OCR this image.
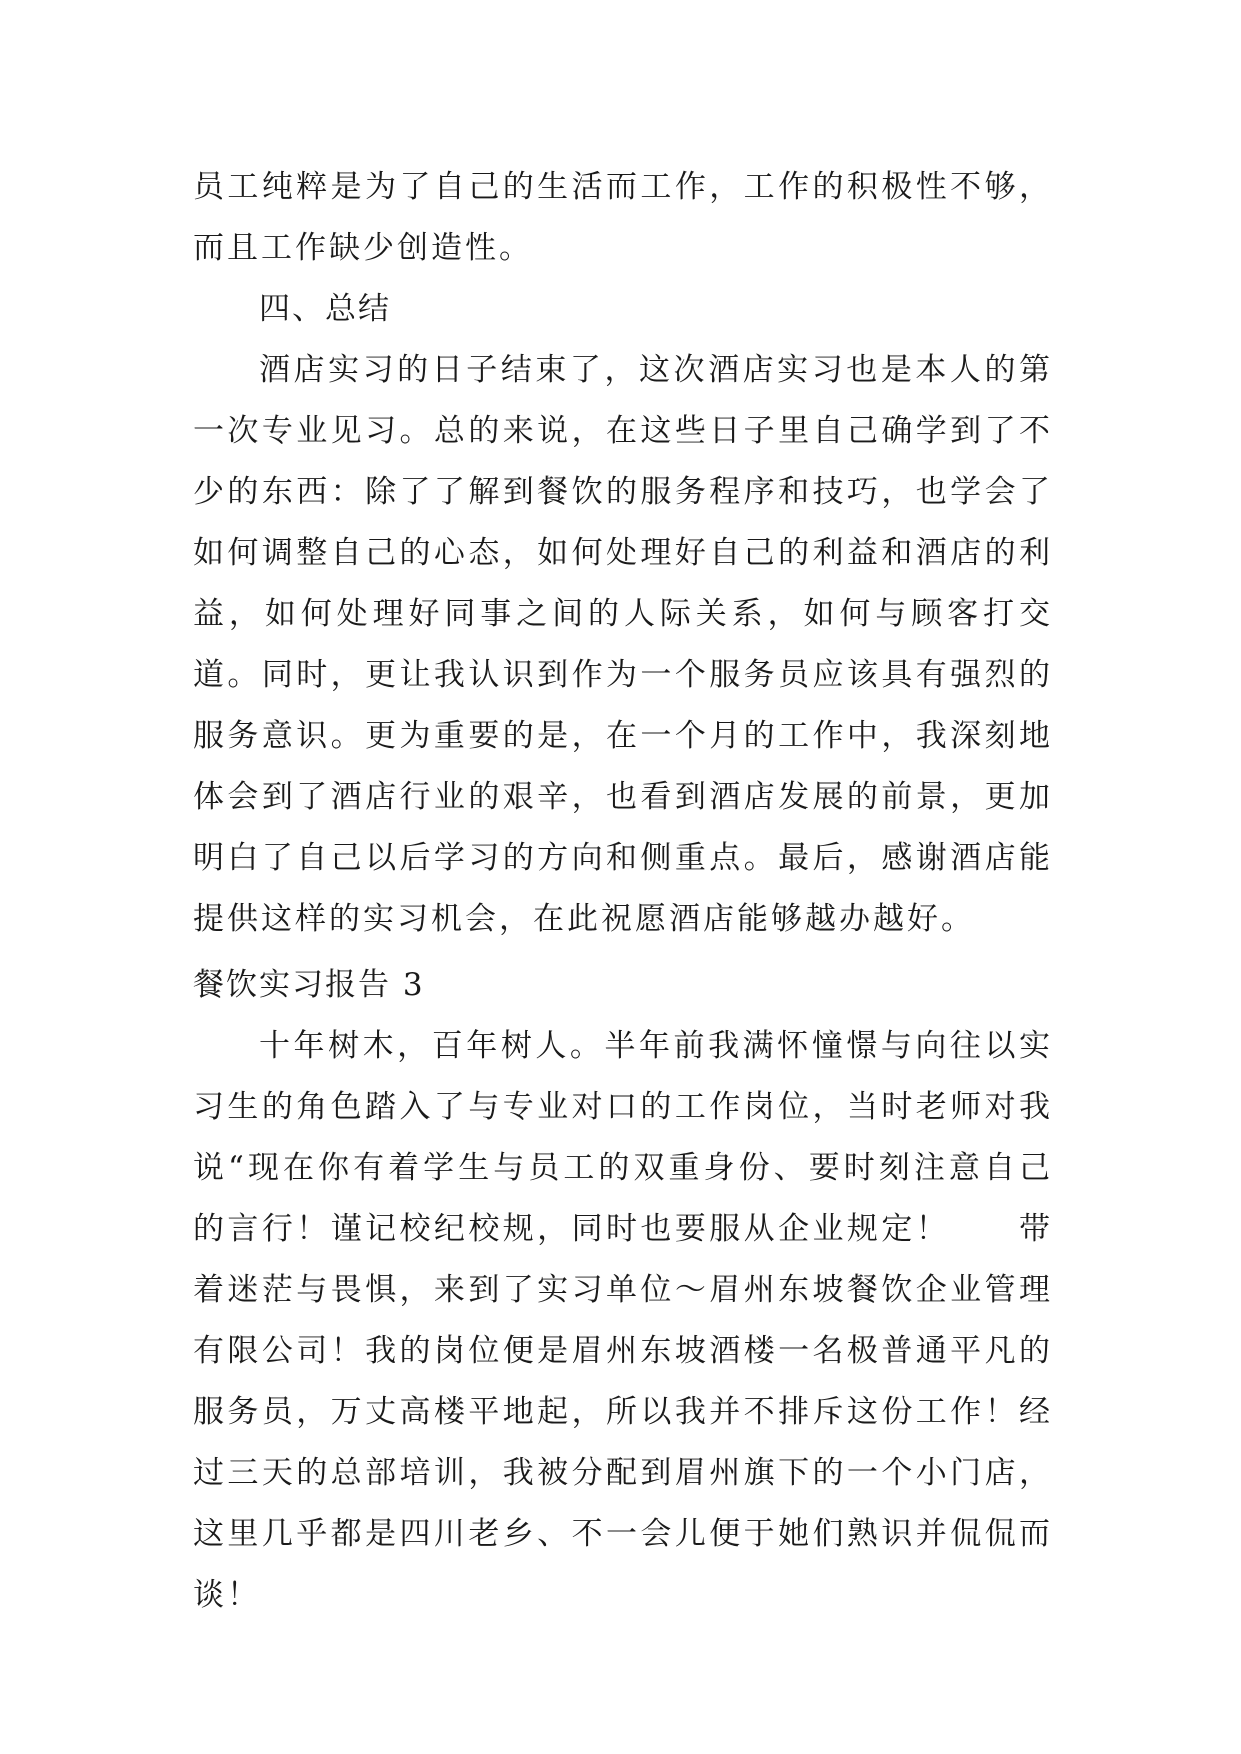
员工纯粹是为了自己的生活而工作，工作的积极性不够，而且工作缺少创造性。

四、总结

酒店实习的日子结束了，这次酒店实习也是本人的第一次专业见习。总的来说，在这些日子里自己确学到了不少的东西：除了了解到餐饮的服务程序和技巧，也学会了如何调整自己的心态，如何处理好自己的利益和酒店的利益，如何处理好同事之间的人际关系，如何与顾客打交道。同时，更让我认识到作为一个服务员应该具有强烈的服务意识。更为重要的是，在一个月的工作中，我深刻地体会到了酒店行业的艰辛，也看到酒店发展的前景，更加明白了自己以后学习的方向和侧重点。最后，感谢酒店能提供这样的实习机会，在此祝愿酒店能够越办越好。

餐饮实习报告 3

十年树木，百年树人。半年前我满怀憧憬与向往以实习生的角色踏入了与专业对口的工作岗位，当时老师对我说“现在你有着学生与员工的双重身份、要时刻注意自己的言行！谨记校纪校规，同时也要服从企业规定！　　带着迷茫与畏惧，来到了实习单位～眉州东坡餐饮企业管理有限公司！我的岗位便是眉州东坡酒楼一名极普通平凡的服务员，万丈高楼平地起，所以我并不排斥这份工作！经过三天的总部培训，我被分配到眉州旗下的一个小门店，这里几乎都是四川老乡、不一会儿便于她们熟识并侃侃而谈！
